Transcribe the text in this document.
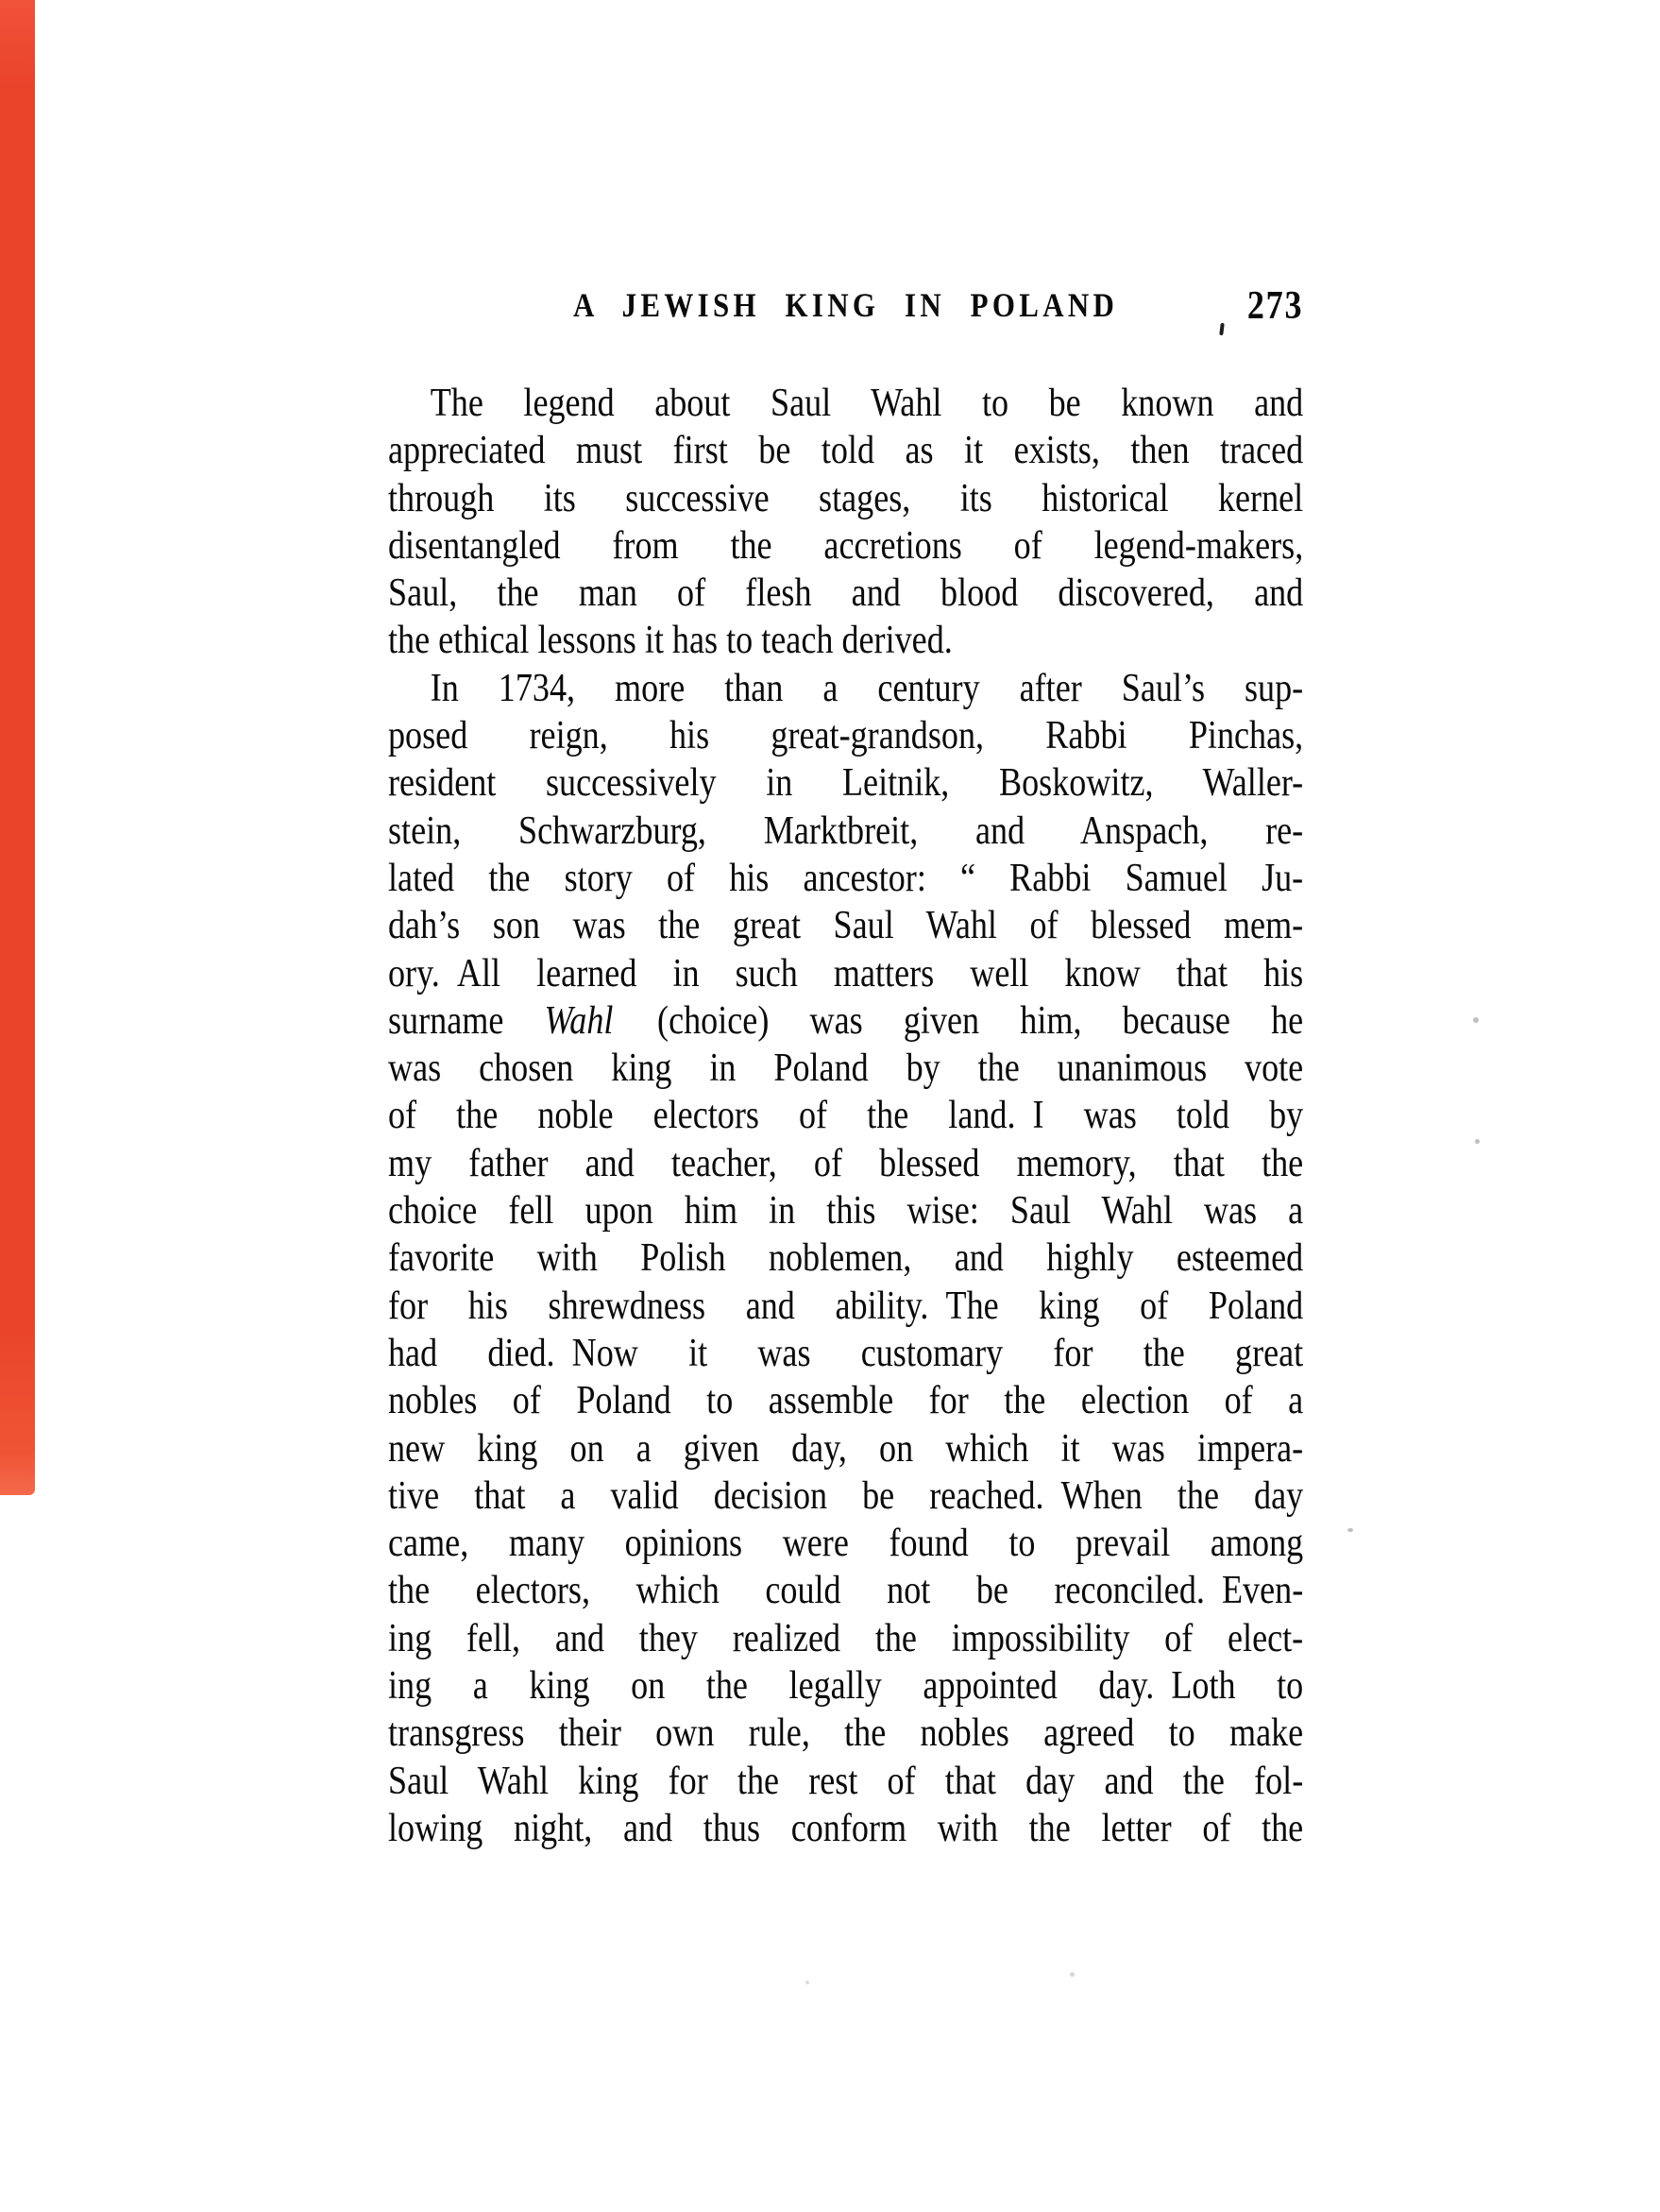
A JEWISH KING IN POLAND	273
The legend about Saul Wahl to be known and
appreciated must first be told as it exists, then traced
through its successive stages, its historical kernel
disentangled from the accretions of legend-makers,
Saul, the man of flesh and blood discovered, and
the ethical lessons it has to teach derived.
In 1734, more than a century after Saul’s sup-
posed reign, his great-grandson, Rabbi Pinchas,
resident successively in Leitnik, Boskowitz, Waller-
stein, Schwarzburg, Marktbreit, and Anspach, re-
lated the story of his ancestor: “ Rabbi Samuel Ju-
dah’s son was the great Saul Wahl of blessed mem-
ory. All learned in such matters well know that his
surname Wahl (choice) was given him, because he
was chosen king in Poland by the unanimous vote
of the noble electors of the land. I was told by
my father and teacher, of blessed memory, that the
choice fell upon him in this wise: Saul Wahl was a
favorite with Polish noblemen, and highly esteemed
for his shrewdness and ability. The king of Poland
had died. Now it was customary for the great
nobles of Poland to assemble for the election of a
new king on a given day, on which it was impera-
tive that a valid decision be reached. When the day
came, many opinions were found to prevail among
the electors, which could not be reconciled. Even-
ing fell, and they realized the impossibility of elect-
ing a king on the legally appointed day. Loth to
transgress their own rule, the nobles agreed to make
Saul Wahl king for the rest of that day and the fol-
lowing night, and thus conform with the letter of the
